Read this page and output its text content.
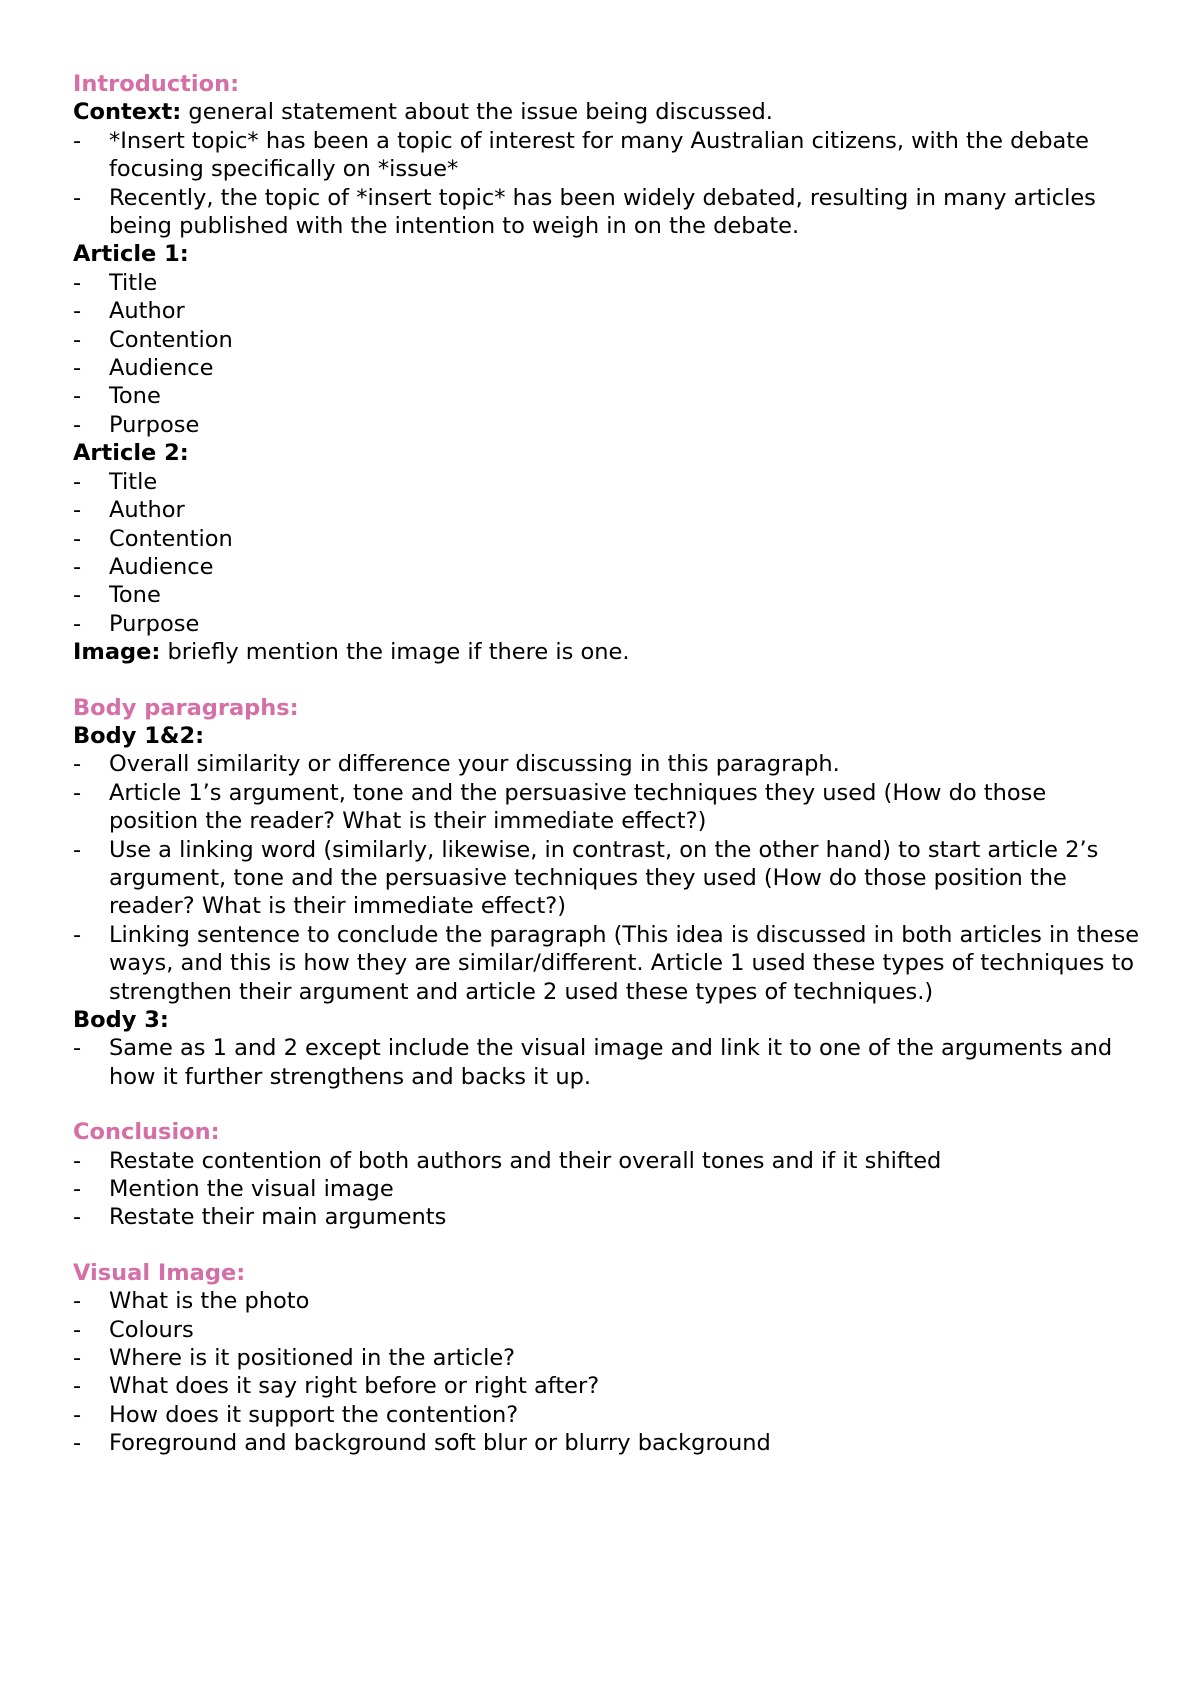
Introduction:

Context: general statement about the issue being discussed.

-	*Insert topic* has been a topic of interest for many Australian citizens, with the debate focusing specifically on *issue*
-	Recently, the topic of *insert topic* has been widely debated, resulting in many articles being published with the intention to weigh in on the debate.

Article 1:

-	Title
-	Author
-	Contention
-	Audience
-	Tone
-	Purpose

Article 2:

-	Title
-	Author
-	Contention
-	Audience
-	Tone
-	Purpose

Image: briefly mention the image if there is one.

Body paragraphs:

Body 1&2:

-	Overall similarity or difference your discussing in this paragraph.
-	Article 1’s argument, tone and the persuasive techniques they used (How do those position the reader? What is their immediate effect?)
-	Use a linking word (similarly, likewise, in contrast, on the other hand) to start article 2’s argument, tone and the persuasive techniques they used (How do those position the reader? What is their immediate effect?)
-	Linking sentence to conclude the paragraph (This idea is discussed in both articles in these ways, and this is how they are similar/different. Article 1 used these types of techniques to strengthen their argument and article 2 used these types of techniques.)

Body 3:

-	Same as 1 and 2 except include the visual image and link it to one of the arguments and how it further strengthens and backs it up.

Conclusion:

-	Restate contention of both authors and their overall tones and if it shifted
-	Mention the visual image
-	Restate their main arguments

Visual Image:

-	What is the photo
-	Colours
-	Where is it positioned in the article?
-	What does it say right before or right after?
-	How does it support the contention?
-	Foreground and background soft blur or blurry background
